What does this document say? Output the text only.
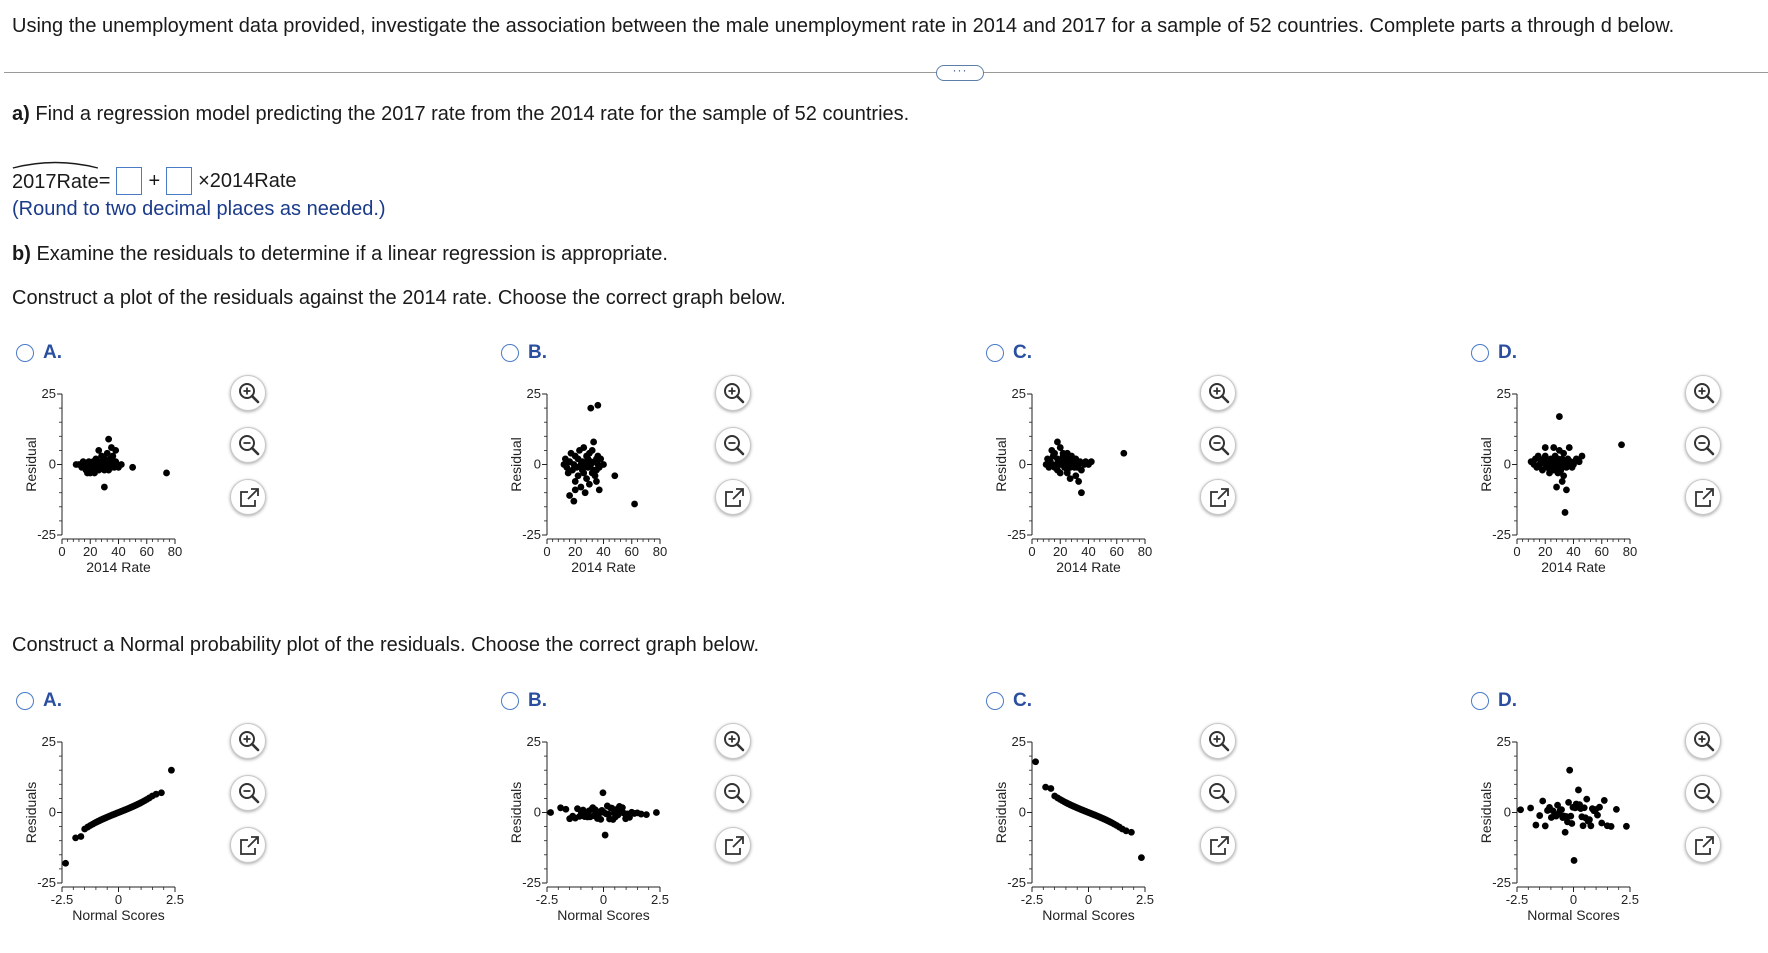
Using the unemployment data provided, investigate the association between the male unemployment rate in 2014 and 2017 for a sample of 52 countries. Complete parts a through d below.
···
a) Find a regression model predicting the 2017 rate from the 2014 rate for the sample of 52 countries.
2017Rate = + ×2014Rate
(Round to two decimal places as needed.)
b) Examine the residuals to determine if a linear regression is appropriate.
Construct a plot of the residuals against the 2014 rate. Choose the correct graph below.
Construct a Normal probability plot of the residuals. Choose the correct graph below.
A.
25
0
-25
0 20 40 60 80
2014 Rate
Residual
B.
25
0
-25
0 20 40 60 80
2014 Rate
Residual
C.
25
0
-25
0 20 40 60 80
2014 Rate
Residual
D.
25
0
-25
0 20 40 60 80
2014 Rate
Residual
A.
25
0
-25
-2.5	0	2.5
Normal Scores
Residuals
B.
25
0
-25
-2.5	0	2.5
Normal Scores
Residuals
C.
25
0
-25
-2.5	0	2.5
Normal Scores
Residuals
D.
25
0
-25
-2.5	0	2.5
Normal Scores
Residuals
